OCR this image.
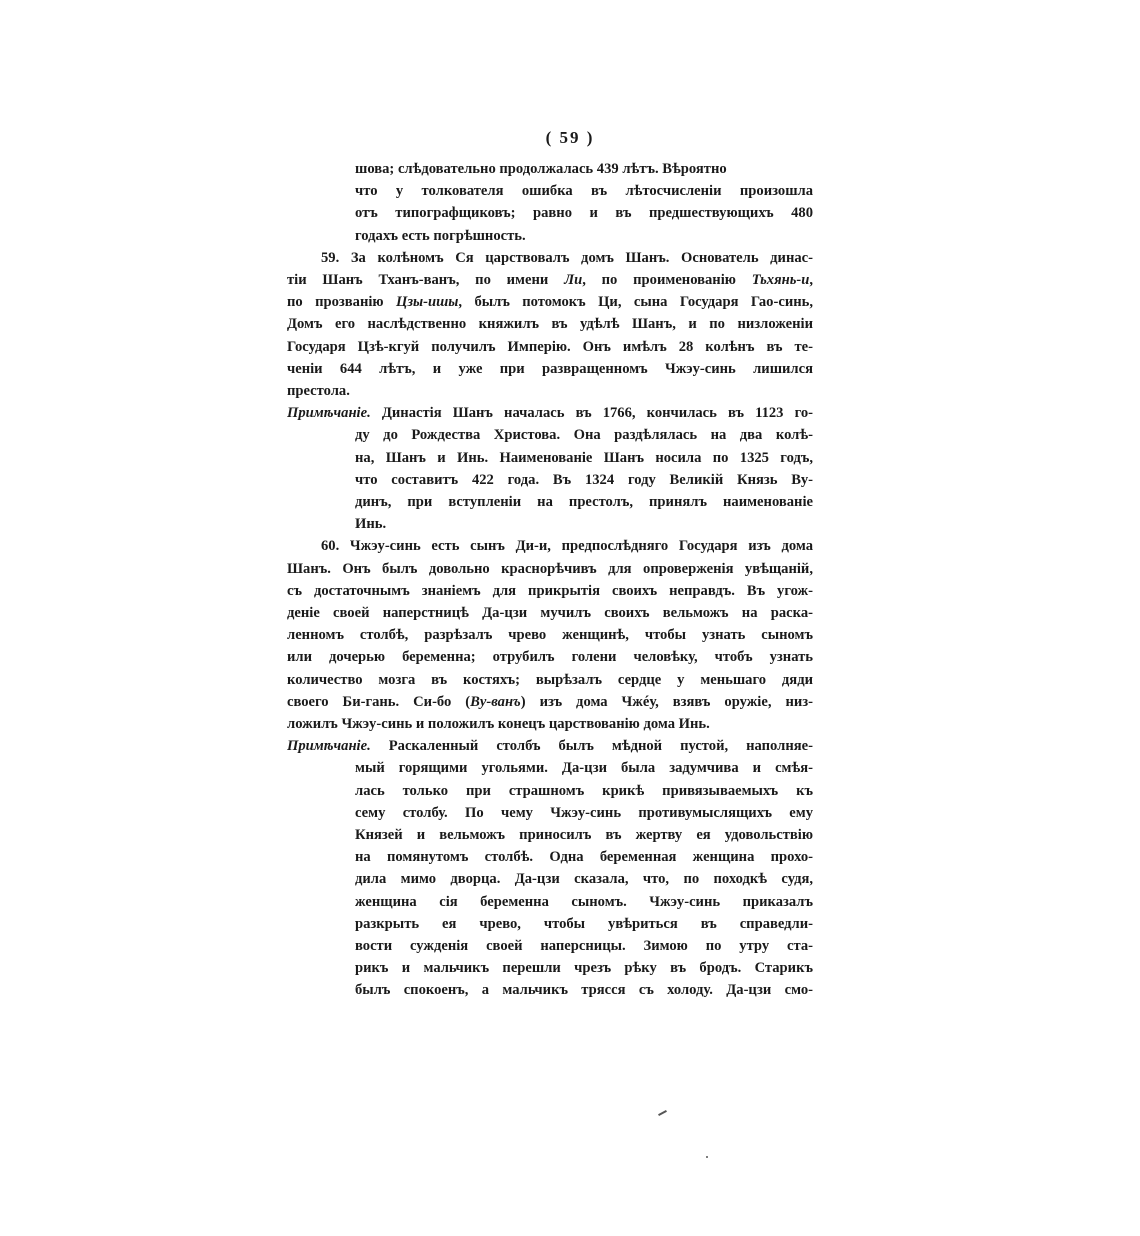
( 59 )
шова; слѣдовательно продолжалась 439 лѣтъ. Вѣроятно
что у толкователя ошибка въ лѣтосчисленіи произошла
отъ типографщиковъ; равно и въ предшествующихъ 480
годахъ есть погрѣшность.
59. За колѣномъ Ся царствовалъ домъ Шанъ. Основатель динас-
тіи Шанъ Тханъ-ванъ, по имени Ли, по проименованію Тьхянь-и,
по прозванію Цзы-ишы, былъ потомокъ Ци, сына Государя Гао-синь,
Домъ его наслѣдственно княжилъ въ удѣлѣ Шанъ, и по низложеніи
Государя Цзѣ-кгуй получилъ Имперію. Онъ имѣлъ 28 колѣнъ въ те-
ченіи 644 лѣтъ, и уже при развращенномъ Чжэу-синь лишился
престола.
Примѣчаніе. Династія Шанъ началась въ 1766, кончилась въ 1123 го-
ду до Рождества Христова. Она раздѣлялась на два колѣ-
на, Шанъ и Инь. Наименованіе Шанъ носила по 1325 годъ,
что составитъ 422 года. Въ 1324 году Великій Князь Ву-
динъ, при вступленіи на престолъ, принялъ наименованіе
Инь.
60. Чжэу-синь есть сынъ Ди-и, предпослѣдняго Государя изъ дома
Шанъ. Онъ былъ довольно краснорѣчивъ для опроверженія увѣщаній,
съ достаточнымъ знаніемъ для прикрытія своихъ неправдъ. Въ угож-
деніе своей наперстницѣ Да-цзи мучилъ своихъ вельможъ на раска-
ленномъ столбѣ, разрѣзалъ чрево женщинѣ, чтобы узнать сыномъ
или дочерью беременна; отрубилъ голени человѣку, чтобъ узнать
количество мозга въ костяхъ; вырѣзалъ сердце у меньшаго дяди
своего Би-гань. Си-бо (Ву-ванъ) изъ дома Чжéу, взявъ оружіе, низ-
ложилъ Чжэу-синь и положилъ конецъ царствованію дома Инь.
Примѣчаніе. Раскаленный столбъ былъ мѣдной пустой, наполняе-
мый горящими угольями. Да-цзи была задумчива и смѣя-
лась только при страшномъ крикѣ привязываемыхъ къ
сему столбу. По чему Чжэу-синь противумыслящихъ ему
Князей и вельможъ приносилъ въ жертву ея удовольствію
на помянутомъ столбѣ. Одна беременная женщина прохо-
дила мимо дворца. Да-цзи сказала, что, по походкѣ судя,
женщина сія беременна сыномъ. Чжэу-синь приказалъ
разкрыть ея чрево, чтобы увѣриться въ справедли-
вости сужденія своей наперсницы. Зимою по утру ста-
рикъ и мальчикъ перешли чрезъ рѣку въ бродъ. Старикъ
былъ спокоенъ, а мальчикъ трясся съ холоду. Да-цзи смо-
